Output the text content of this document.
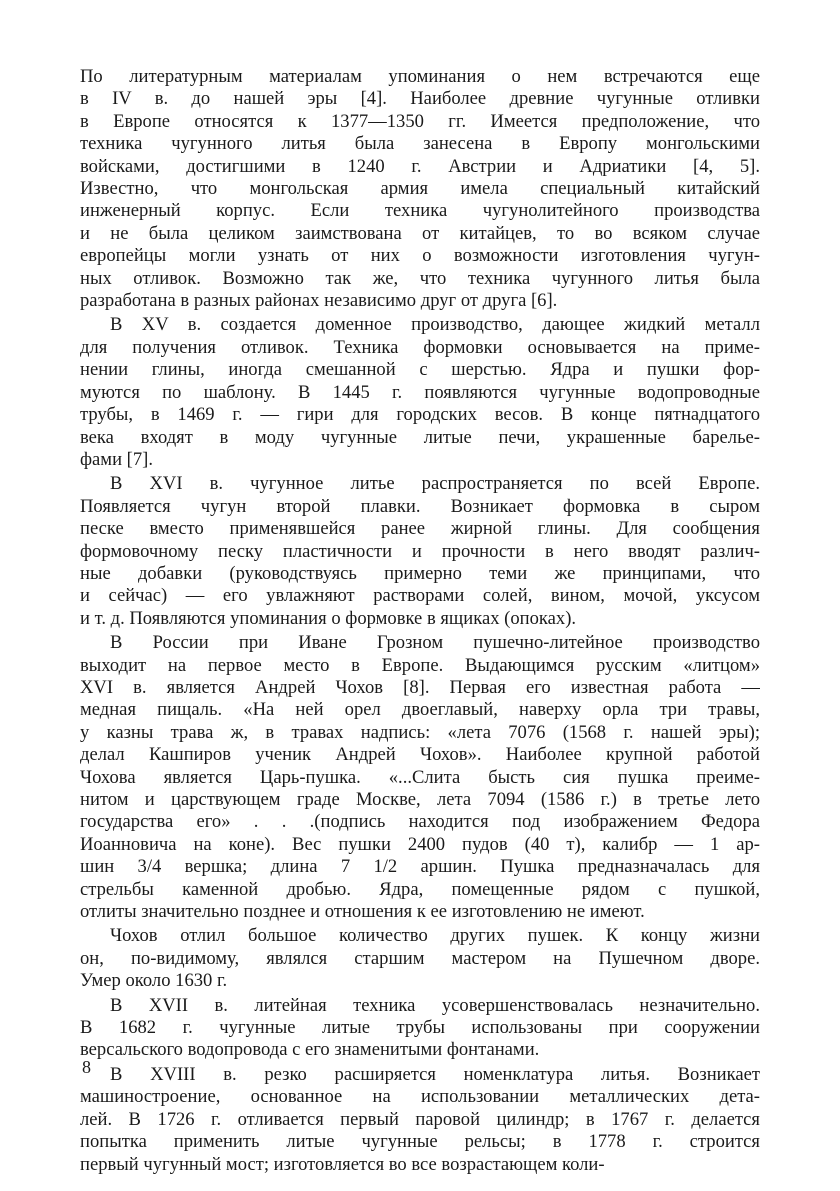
По литературным материалам упоминания о нем встречаются еще
в IV в. до нашей эры [4]. Наиболее древние чугунные отливки
в Европе относятся к 1377—1350 гг. Имеется предположение, что
техника чугунного литья была занесена в Европу монгольскими
войсками, достигшими в 1240 г. Австрии и Адриатики [4, 5].
Известно, что монгольская армия имела специальный китайский
инженерный корпус. Если техника чугунолитейного производства
и не была целиком заимствована от китайцев, то во всяком случае
европейцы могли узнать от них о возможности изготовления чугун-
ных отливок. Возможно так же, что техника чугунного литья была
разработана в разных районах независимо друг от друга [6].

В XV в. создается доменное производство, дающее жидкий металл
для получения отливок. Техника формовки основывается на приме-
нении глины, иногда смешанной с шерстью. Ядра и пушки фор-
муются по шаблону. В 1445 г. появляются чугунные водопроводные
трубы, в 1469 г. — гири для городских весов. В конце пятнадцатого
века входят в моду чугунные литые печи, украшенные барелье-
фами [7].

В XVI в. чугунное литье распространяется по всей Европе.
Появляется чугун второй плавки. Возникает формовка в сыром
песке вместо применявшейся ранее жирной глины. Для сообщения
формовочному песку пластичности и прочности в него вводят различ-
ные добавки (руководствуясь примерно теми же принципами, что
и сейчас) — его увлажняют растворами солей, вином, мочой, уксусом
и т. д. Появляются упоминания о формовке в ящиках (опоках).

В России при Иване Грозном пушечно-литейное производство
выходит на первое место в Европе. Выдающимся русским «литцом»
XVI в. является Андрей Чохов [8]. Первая его известная работа —
медная пищаль. «На ней орел двоеглавый, наверху орла три травы,
у казны трава ж, в травах надпись: «лета 7076 (1568 г. нашей эры);
делал Кашпиров ученик Андрей Чохов». Наиболее крупной работой
Чохова является Царь-пушка. «...Слита бысть сия пушка преиме-
нитом и царствующем граде Москве, лета 7094 (1586 г.) в третье лето
государства его» . . .(подпись находится под изображением Федора
Иоанновича на коне). Вес пушки 2400 пудов (40 т), калибр — 1 ар-
шин 3/4 вершка; длина 7 1/2 аршин. Пушка предназначалась для
стрельбы каменной дробью. Ядра, помещенные рядом с пушкой,
отлиты значительно позднее и отношения к ее изготовлению не имеют.

Чохов отлил большое количество других пушек. К концу жизни
он, по-видимому, являлся старшим мастером на Пушечном дворе.
Умер около 1630 г.

В XVII в. литейная техника усовершенствовалась незначительно.
В 1682 г. чугунные литые трубы использованы при сооружении
версальского водопровода с его знаменитыми фонтанами.

В XVIII в. резко расширяется номенклатура литья. Возникает
машиностроение, основанное на использовании металлических дета-
лей. В 1726 г. отливается первый паровой цилиндр; в 1767 г. делается
попытка применить литые чугунные рельсы; в 1778 г. строится
первый чугунный мост; изготовляется во все возрастающем коли-

8
